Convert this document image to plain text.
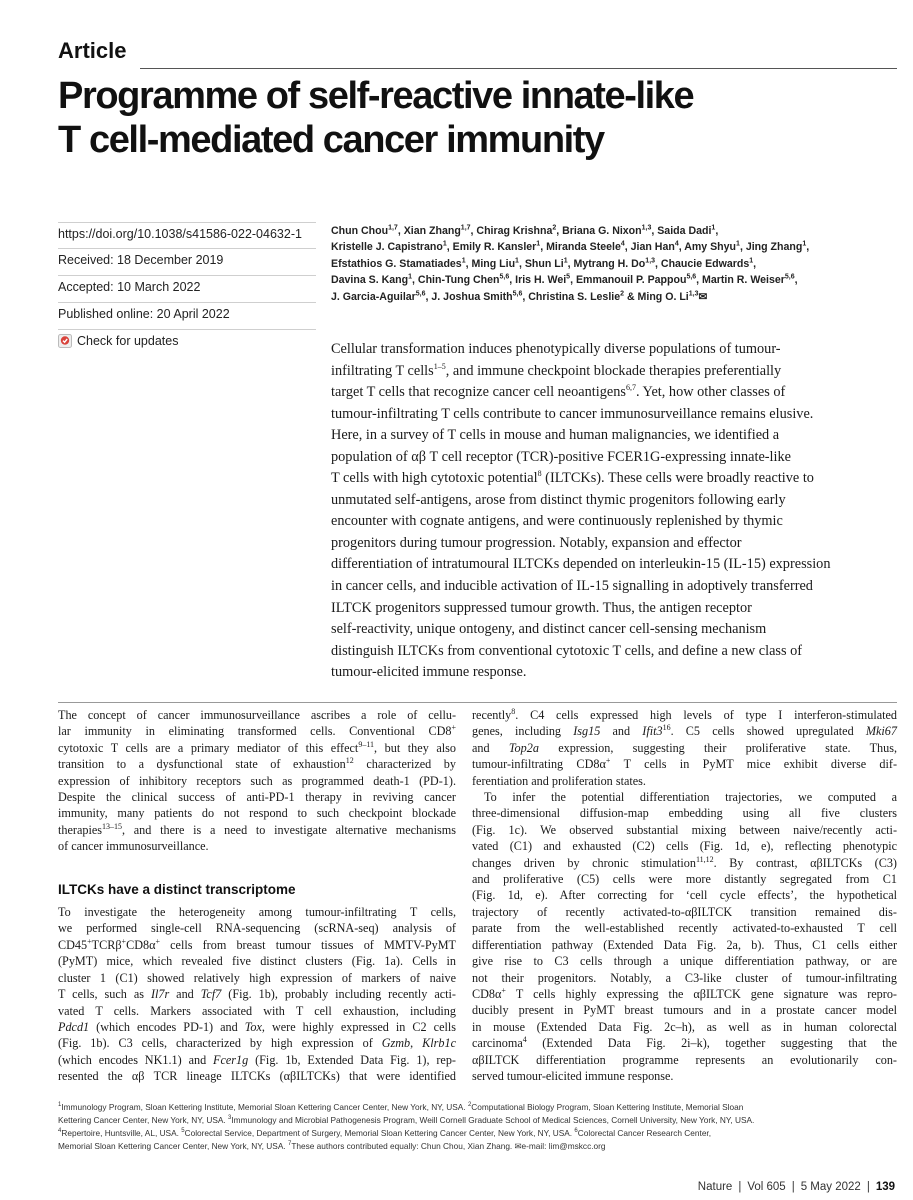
Article
Programme of self-reactive innate-like
T cell-mediated cancer immunity
https://doi.org/10.1038/s41586-022-04632-1
Received: 18 December 2019
Accepted: 10 March 2022
Published online: 20 April 2022
Check for updates
Chun Chou$^{1,7}$, Xian Zhang$^{1,7}$, Chirag Krishna$^2$, Briana G. Nixon$^{1,3}$, Saida Dadi$^1$,
Kristelle J. Capistrano$^1$, Emily R. Kansler$^1$, Miranda Steele$^4$, Jian Han$^4$, Amy Shyu$^1$, Jing Zhang$^1$,
Efstathios G. Stamatiades$^1$, Ming Liu$^1$, Shun Li$^1$, Mytrang H. Do$^{1,3}$, Chaucie Edwards$^1$,
Davina S. Kang$^1$, Chin-Tung Chen$^{5,6}$, Iris H. Wei$^5$, Emmanouil P. Pappou$^{5,6}$, Martin R. Weiser$^{5,6}$,
J. Garcia-Aguilar$^{5,6}$, J. Joshua Smith$^{5,6}$, Christina S. Leslie$^2$ & Ming O. Li$^{1,3}$✉
Cellular transformation induces phenotypically diverse populations of tumour-
infiltrating T cells$^{1-5}$, and immune checkpoint blockade therapies preferentially
target T cells that recognize cancer cell neoantigens$^{6,7}$. Yet, how other classes of
tumour-infiltrating T cells contribute to cancer immunosurveillance remains elusive.
Here, in a survey of T cells in mouse and human malignancies, we identified a
population of αβ T cell receptor (TCR)-positive FCER1G-expressing innate-like
T cells with high cytotoxic potential$^8$ (ILTCKs). These cells were broadly reactive to
unmutated self-antigens, arose from distinct thymic progenitors following early
encounter with cognate antigens, and were continuously replenished by thymic
progenitors during tumour progression. Notably, expansion and effector
differentiation of intratumoural ILTCKs depended on interleukin-15 (IL-15) expression
in cancer cells, and inducible activation of IL-15 signalling in adoptively transferred
ILTCK progenitors suppressed tumour growth. Thus, the antigen receptor
self-reactivity, unique ontogeny, and distinct cancer cell-sensing mechanism
distinguish ILTCKs from conventional cytotoxic T cells, and define a new class of
tumour-elicited immune response.
The concept of cancer immunosurveillance ascribes a role of cellu-
lar immunity in eliminating transformed cells. Conventional CD8+
cytotoxic T cells are a primary mediator of this effect$^{9-11}$, but they also
transition to a dysfunctional state of exhaustion$^{12}$ characterized by
expression of inhibitory receptors such as programmed death-1 (PD-1).
Despite the clinical success of anti-PD-1 therapy in reviving cancer
immunity, many patients do not respond to such checkpoint blockade
therapies$^{13-15}$, and there is a need to investigate alternative mechanisms
of cancer immunosurveillance.
ILTCKs have a distinct transcriptome
To investigate the heterogeneity among tumour-infiltrating T cells,
we performed single-cell RNA-sequencing (scRNA-seq) analysis of
CD45+TCRβ+CD8α+ cells from breast tumour tissues of MMTV-PyMT
(PyMT) mice, which revealed five distinct clusters (Fig. 1a). Cells in
cluster 1 (C1) showed relatively high expression of markers of naive
T cells, such as Il7r and Tcf7 (Fig. 1b), probably including recently acti-
vated T cells. Markers associated with T cell exhaustion, including
Pdcd1 (which encodes PD-1) and Tox, were highly expressed in C2 cells
(Fig. 1b). C3 cells, characterized by high expression of Gzmb, Klrb1c
(which encodes NK1.1) and Fcer1g (Fig. 1b, Extended Data Fig. 1), rep-
resented the αβ TCR lineage ILTCKs (αβILTCKs) that were identified
recently$^8$. C4 cells expressed high levels of type I interferon-stimulated
genes, including Isg15 and $Ifit3^{16}$. C5 cells showed upregulated Mki67
and Top2a expression, suggesting their proliferative state. Thus,
tumour-infiltrating CD8α+ T cells in PyMT mice exhibit diverse dif-
ferentiation and proliferation states.
To infer the potential differentiation trajectories, we computed a
three-dimensional diffusion-map embedding using all five clusters
(Fig. 1c). We observed substantial mixing between naive/recently acti-
vated (C1) and exhausted (C2) cells (Fig. 1d, e), reflecting phenotypic
changes driven by chronic stimulation$^{11,12}$. By contrast, αβILTCKs (C3)
and proliferative (C5) cells were more distantly segregated from C1
(Fig. 1d, e). After correcting for ‘cell cycle effects’, the hypothetical
trajectory of recently activated-to-αβILTCK transition remained dis-
parate from the well-established recently activated-to-exhausted T cell
differentiation pathway (Extended Data Fig. 2a, b). Thus, C1 cells either
give rise to C3 cells through a unique differentiation pathway, or are
not their progenitors. Notably, a C3-like cluster of tumour-infiltrating
CD8α+ T cells highly expressing the αβILTCK gene signature was repro-
ducibly present in PyMT breast tumours and in a prostate cancer model
in mouse (Extended Data Fig. 2c–h), as well as in human colorectal
carcinoma$^4$ (Extended Data Fig. 2i–k), together suggesting that the
αβILTCK differentiation programme represents an evolutionarily con-
served tumour-elicited immune response.
$^1$Immunology Program, Sloan Kettering Institute, Memorial Sloan Kettering Cancer Center, New York, NY, USA. $^2$Computational Biology Program, Sloan Kettering Institute, Memorial Sloan
Kettering Cancer Center, New York, NY, USA. $^3$Immunology and Microbial Pathogenesis Program, Weill Cornell Graduate School of Medical Sciences, Cornell University, New York, NY, USA.
$^4$Repertoire, Huntsville, AL, USA. $^5$Colorectal Service, Department of Surgery, Memorial Sloan Kettering Cancer Center, New York, NY, USA. $^6$Colorectal Cancer Research Center,
Memorial Sloan Kettering Cancer Center, New York, NY, USA. $^7$These authors contributed equally: Chun Chou, Xian Zhang. ✉e-mail: lim@mskcc.org
Nature | Vol 605 | 5 May 2022 | 139
